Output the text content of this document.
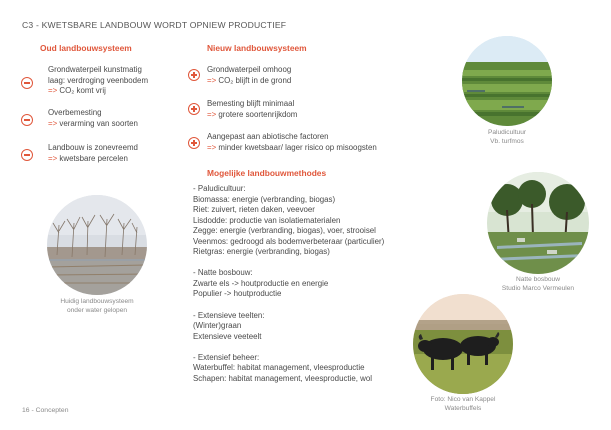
C3 - KWETSBARE LANDBOUW WORDT OPNIEW PRODUCTIEF
Oud landbouwsysteem
Grondwaterpeil kunstmatig
laag: verdroging veenbodem
=> CO₂ komt vrij
Overbemesting
=> verarming van soorten
Landbouw is zonevreemd
=> kwetsbare percelen
Nieuw landbouwsysteem
Grondwaterpeil omhoog
=> CO₂ blijft in de grond
Bemesting blijft minimaal
=> grotere soortenrijkdom
Aangepast aan abiotische factoren
=> minder kwetsbaar/ lager risico op misoogsten
Mogelijke landbouwmethodes
- Paludicultuur:
Biomassa: energie (verbranding, biogas)
Riet: zuivert, rieten daken, veevoer
Lisdodde: productie van isolatiematerialen
Zegge: energie (verbranding, biogas), voer, strooisel
Veenmos: gedroogd als bodemverbeteraar (particulier)
Rietgras: energie (verbranding, biogas)
- Natte bosbouw:
Zwarte els -> houtproductie en energie
Populier -> houtproductie
- Extensieve teelten:
(Winter)graan
Extensieve veeteelt
- Extensief beheer:
Waterbuffel: habitat management, vleesproductie
Schapen: habitat management, vleesproductie, wol
Huidig landbouwsysteem
onder water gelopen
Paludicultuur
Vb. turfmos
Natte bosbouw
Studio Marco Vermeulen
Foto: Nico van Kappel
Waterbuffels
16 - Concepten
